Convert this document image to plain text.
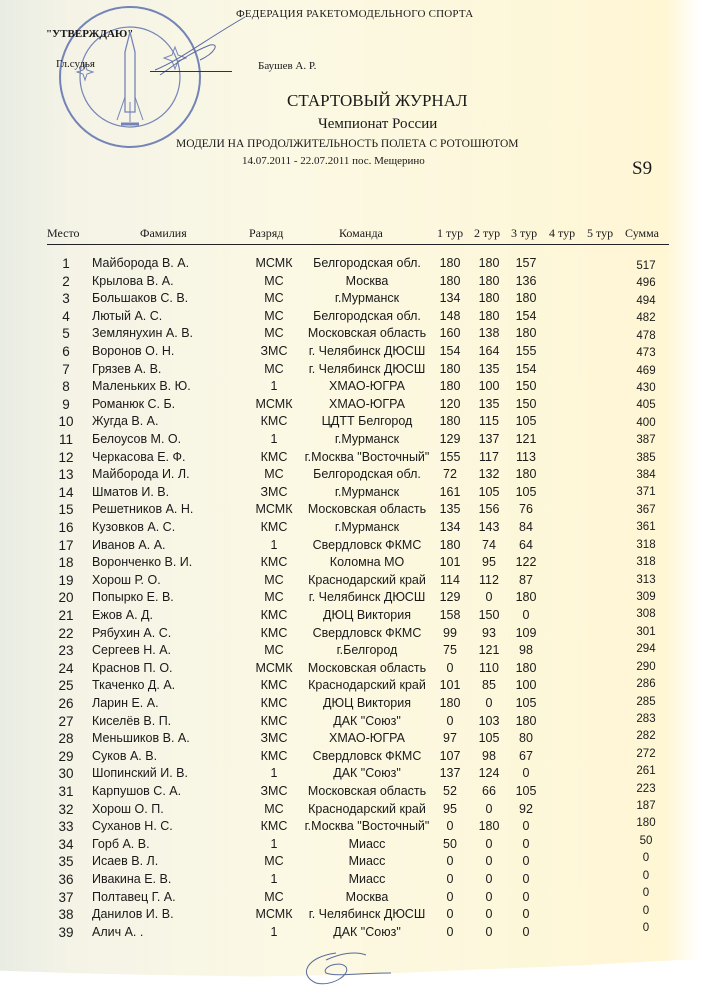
ФЕДЕРАЦИЯ РАКЕТОМОДЕЛЬНОГО СПОРТА
"УТВЕРЖДАЮ"
Гл.судья	Баушев А. Р.
СТАРТОВЫЙ ЖУРНАЛ
Чемпионат России
МОДЕЛИ НА ПРОДОЛЖИТЕЛЬНОСТЬ ПОЛЕТА С РОТОШЮТОМ
14.07.2011 - 22.07.2011 пос. Мещерино	S9
Место	Фамилия	Разряд	Команда	1 тур 2 тур 3 тур 4 тур 5 тур Сумма
1	Майборода В. А.	МСМК	Белгородская обл.	180	180	157	517
2	Крылова В. А.	МС	Москва	180	180	136	496
3	Большаков С. В.	МС	г.Мурманск	134	180	180	494
4	Лютый А. С.	МС	Белгородская обл.	148	180	154	482
5	Землянухин А. В.	МС	Московская область	160	138	180	478
6	Воронов О. Н.	ЗМС	г. Челябинск ДЮСШ	154	164	155	473
7	Грязев А. В.	МС	г. Челябинск ДЮСШ	180	135	154	469
8	Маленьких В. Ю.	1	ХМАО-ЮГРА	180	100	150	430
9	Романюк С. Б.	МСМК	ХМАО-ЮГРА	120	135	150	405
10	Жугда В. А.	КМС	ЦДТТ Белгород	180	115	105	400
11	Белоусов М. О.	1	г.Мурманск	129	137	121	387
12	Черкасова Е. Ф.	КМС	г.Москва "Восточный" 155	117	113	385
13	Майборода И. Л.	МС	Белгородская обл.	72	132	180	384
14	Шматов И. В.	ЗМС	г.Мурманск	161	105	105	371
15	Решетников А. Н.	МСМК	Московская область	135	156	76	367
16	Кузовков А. С.	КМС	г.Мурманск	134	143	84	361
17	Иванов А. А.	1	Свердловск ФКМС	180	74	64	318
18	Воронченко В. И.	КМС	Коломна МО	101	95	122	318
19	Хорош Р. О.	МС	Краснодарский край	114	112	87	313
20	Попырко Е. В.	МС	г. Челябинск ДЮСШ	129	0	180	309
21	Ежов А. Д.	КМС	ДЮЦ Виктория	158	150	0	308
22	Рябухин А. С.	КМС	Свердловск ФКМС	99	93	109	301
23	Сергеев Н. А.	МС	г.Белгород	75	121	98	294
24	Краснов П. О.	МСМК	Московская область	0	110	180	290
25	Ткаченко Д. А.	КМС	Краснодарский край	101	85	100	286
26	Ларин Е. А.	КМС	ДЮЦ Виктория	180	0	105	285
27	Киселёв В. П.	КМС	ДАК "Союз"	0	103	180	283
28	Меньшиков В. А.	ЗМС	ХМАО-ЮГРА	97	105	80	282
29	Суков А. В.	КМС	Свердловск ФКМС	107	98	67	272
30	Шопинский И. В.	1	ДАК "Союз"	137	124	0	261
31	Карпушов С. А.	ЗМС	Московская область	52	66	105	223
32	Хорош О. П.	МС	Краснодарский край	95	0	92	187
33	Суханов Н. С.	КМС	г.Москва "Восточный"	0	180	0	180
34	Горб А. В.	1	Миасс	50	0	0	50
35	Исаев В. Л.	МС	Миасс	0	0	0	0
36	Ивакина Е. В.	1	Миасс	0	0	0	0
37	Полтавец Г. А.	МС	Москва	0	0	0	0
38	Данилов И. В.	МСМК	г. Челябинск ДЮСШ	0	0	0	0
39	Алич А. .	1	ДАК "Союз"	0	0	0	0
